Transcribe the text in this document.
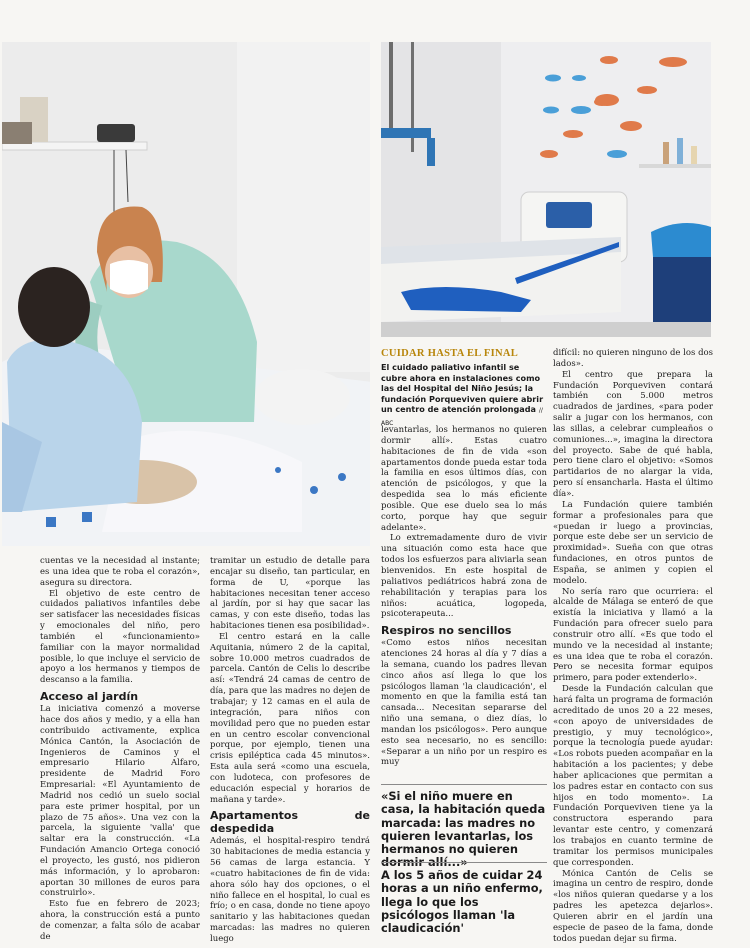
CUIDAR HASTA EL FINAL
El cuidado paliativo infantil se cubre ahora en instalaciones como las del Hospital del Niño Jesús; la fundación Porqueviven quiere abrir un centro de atención prolongada // ABC

cuentas ve la necesidad al instante; es una idea que te roba el corazón», asegura su directora.

El objetivo de este centro de cuidados paliativos infantiles debe ser satisfacer las necesidades físicas y emocionales del niño, pero también el «funcionamiento» familiar con la mayor normalidad posible, lo que incluye el servicio de apoyo a los hermanos y tiempos de descanso a la familia.

Acceso al jardín

La iniciativa comenzó a moverse hace dos años y medio, y a ella han contribuido activamente, explica Mónica Cantón, la Asociación de Ingenieros de Caminos y el empresario Hilario Alfaro, presidente de Madrid Foro Empresarial: «El Ayuntamiento de Madrid nos cedió un suelo social para este primer hospital, por un plazo de 75 años». Una vez con la parcela, la siguiente 'valla' que saltar era la construcción. «La Fundación Amancio Ortega conoció el proyecto, les gustó, nos pidieron más información, y lo aprobaron: aportan 30 millones de euros para construirlo».

Esto fue en febrero de 2023; ahora, la construcción está a punto de comenzar, a falta sólo de acabar de

tramitar un estudio de detalle para encajar su diseño, tan particular, en forma de U, «porque las habitaciones necesitan tener acceso al jardín, por si hay que sacar las camas, y con este diseño, todas las habitaciones tienen esa posibilidad».

El centro estará en la calle Aquitania, número 2 de la capital, sobre 10.000 metros cuadrados de parcela. Cantón de Celis lo describe así: «Tendrá 24 camas de centro de día, para que las madres no dejen de trabajar; y 12 camas en el aula de integración, para niños con movilidad pero que no pueden estar en un centro escolar convencional porque, por ejemplo, tienen una crisis epiléptica cada 45 minutos». Esta aula será «como una escuela, con ludoteca, con profesores de educación especial y horarios de mañana y tarde».

Apartamentos de despedida

Además, el hospital-respiro tendrá 30 habitaciones de media estancia y 56 camas de larga estancia. Y «cuatro habitaciones de fin de vida: ahora sólo hay dos opciones, o el niño fallece en el hospital, lo cual es frío; o en casa, donde no tiene apoyo sanitario y las habitaciones quedan marcadas: las madres no quieren luego

levantarlas, los hermanos no quieren dormir allí». Estas cuatro habitaciones de fin de vida «son apartamentos donde pueda estar toda la familia en esos últimos días, con atención de psicólogos, y que la despedida sea lo más eficiente posible. Que ese duelo sea lo más corto, porque hay que seguir adelante».

Lo extremadamente duro de vivir una situación como esta hace que todos los esfuerzos para aliviarla sean bienvenidos. En este hospital de paliativos pediátricos habrá zona de rehabilitación y terapias para los niños: acuática, logopeda, psicoterapeuta...

Respiros no sencillos

«Como estos niños necesitan atenciones 24 horas al día y 7 días a la semana, cuando los padres llevan cinco años así llega lo que los psicólogos llaman 'la claudicación', el momento en que la familia está tan cansada... Necesitan separarse del niño una semana, o diez días, lo mandan los psicólogos». Pero aunque esto sea necesario, no es sencillo: «Separar a un niño por un respiro es muy

«Si el niño muere en casa, la habitación queda marcada: las madres no quieren levantarlas, los hermanos no quieren dormir allí...»
A los 5 años de cuidar 24 horas a un niño enfermo, llega lo que los psicólogos llaman 'la claudicación'

difícil: no quieren ninguno de los dos lados».

El centro que prepara la Fundación Porqueviven contará también con 5.000 metros cuadrados de jardines, «para poder salir a jugar con los hermanos, con las sillas, a celebrar cumpleaños o comuniones...», imagina la directora del proyecto. Sabe de qué habla, pero tiene claro el objetivo: «Somos partidarios de no alargar la vida, pero sí ensancharla. Hasta el último día».

La Fundación quiere también formar a profesionales para que «puedan ir luego a provincias, porque este debe ser un servicio de proximidad». Sueña con que otras fundaciones, en otros puntos de España, se animen y copien el modelo.

No sería raro que ocurriera: el alcalde de Málaga se enteró de que existía la iniciativa y llamó a la Fundación para ofrecer suelo para construir otro allí. «Es que todo el mundo ve la necesidad al instante; es una idea que te roba el corazón. Pero se necesita formar equipos primero, para poder extenderlo».

Desde la Fundación calculan que hará falta un programa de formación acreditado de unos 20 a 22 meses, «con apoyo de universidades de prestigio, y muy tecnológico», porque la tecnología puede ayudar: «Los robots pueden acompañar en la habitación a los pacientes; y debe haber aplicaciones que permitan a los padres estar en contacto con sus hijos en todo momento». La Fundación Porqueviven tiene ya la constructora esperando para levantar este centro, y comenzará los trabajos en cuanto termine de tramitar los permisos municipales que corresponden.

Mónica Cantón de Celis se imagina un centro de respiro, donde «los niños quieran quedarse y a los padres les apetezca dejarlos». Quieren abrir en el jardín una especie de paseo de la fama, donde todos puedan dejar su firma.
